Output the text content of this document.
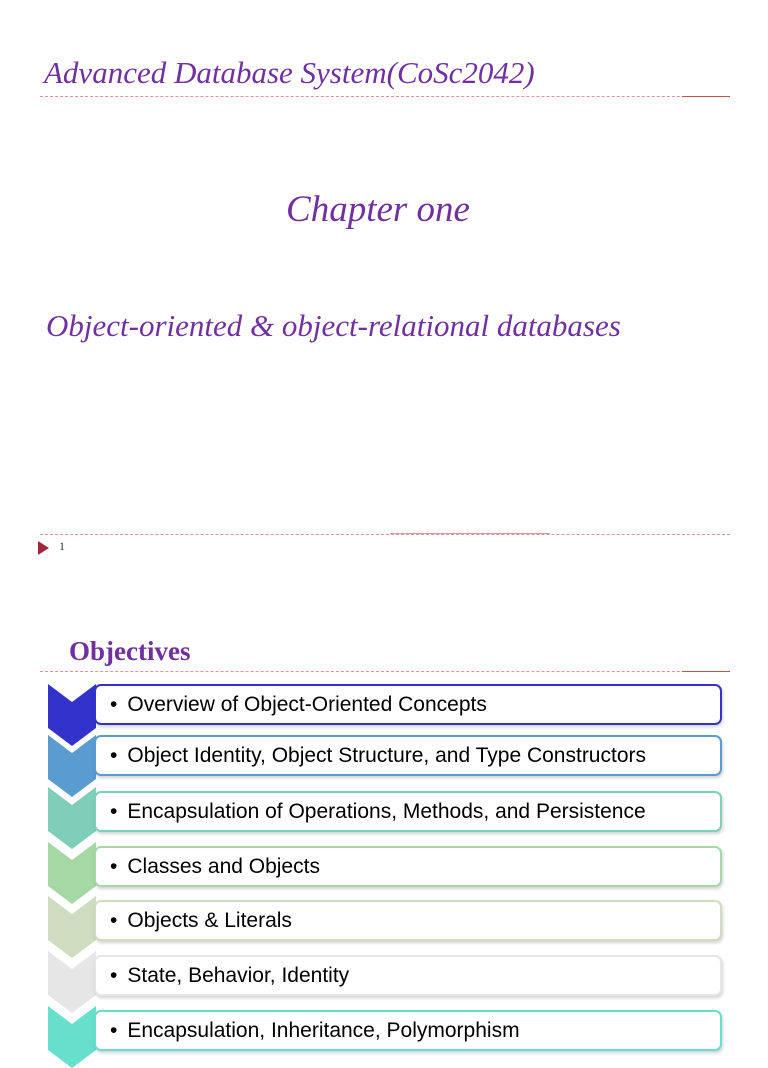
Advanced Database System(CoSc2042)
Chapter one
Object-oriented & object-relational databases
1
Objectives
• Overview of Object-Oriented Concepts
• Object Identity, Object Structure, and Type Constructors
• Encapsulation of Operations, Methods, and Persistence
• Classes and Objects
• Objects & Literals
• State, Behavior, Identity
• Encapsulation, Inheritance, Polymorphism
